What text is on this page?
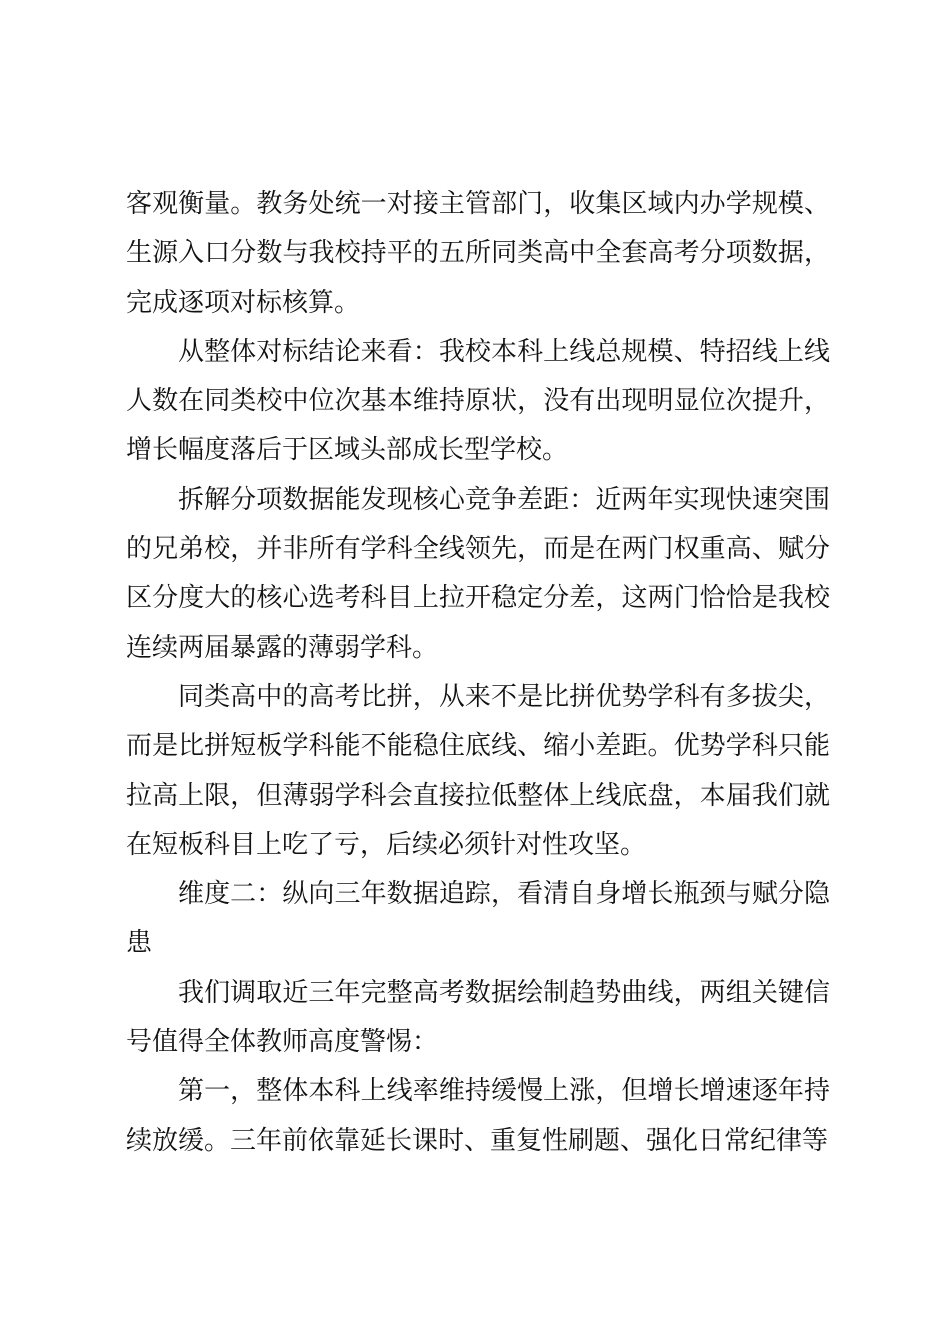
客观衡量。教务处统一对接主管部门，收集区域内办学规模、生源入口分数与我校持平的五所同类高中全套高考分项数据，完成逐项对标核算。

从整体对标结论来看：我校本科上线总规模、特招线上线人数在同类校中位次基本维持原状，没有出现明显位次提升，增长幅度落后于区域头部成长型学校。

拆解分项数据能发现核心竞争差距：近两年实现快速突围的兄弟校，并非所有学科全线领先，而是在两门权重高、赋分区分度大的核心选考科目上拉开稳定分差，这两门恰恰是我校连续两届暴露的薄弱学科。

同类高中的高考比拼，从来不是比拼优势学科有多拔尖，而是比拼短板学科能不能稳住底线、缩小差距。优势学科只能拉高上限，但薄弱学科会直接拉低整体上线底盘，本届我们就在短板科目上吃了亏，后续必须针对性攻坚。

维度二：纵向三年数据追踪，看清自身增长瓶颈与赋分隐患

我们调取近三年完整高考数据绘制趋势曲线，两组关键信号值得全体教师高度警惕：

第一，整体本科上线率维持缓慢上涨，但增长增速逐年持续放缓。三年前依靠延长课时、重复性刷题、强化日常纪律等
